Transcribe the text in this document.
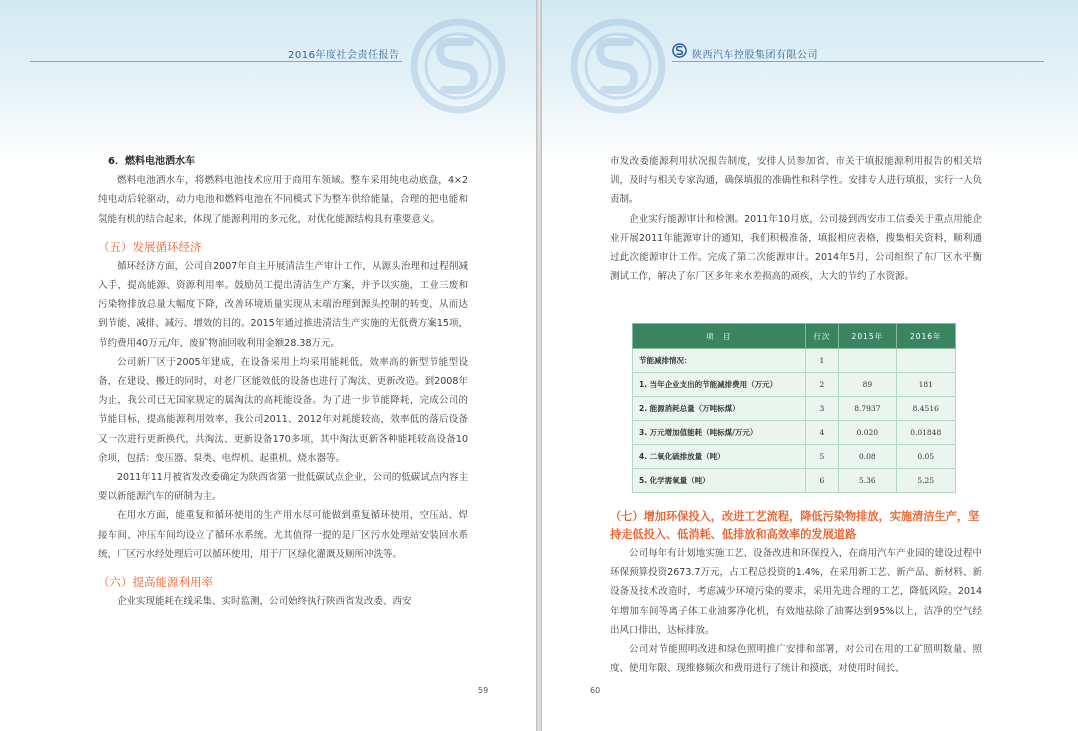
2016年度社会责任报告
6．燃料电池洒水车

燃料电池洒水车，将燃料电池技术应用于商用车领域。整车采用纯电动底盘，4×2纯电动后轮驱动，动力电池和燃料电池在不同模式下为整车供给能量，合理的把电能和氢能有机的结合起来，体现了能源利用的多元化，对优化能源结构具有重要意义。

（五）发展循环经济

循环经济方面，公司自2007年自主开展清洁生产审计工作，从源头治理和过程削减入手，提高能源、资源利用率。鼓励员工提出清洁生产方案，并予以实施，工业三废和污染物排放总量大幅度下降，改善环境质量实现从末端治理到源头控制的转变，从而达到节能、减排、减污、增效的目的。2015年通过推进清洁生产实施的无低费方案15项，节约费用40万元/年，废矿物油回收利用金额28.38万元。

公司新厂区于2005年建成，在设备采用上均采用能耗低，效率高的新型节能型设备，在建设、搬迁的同时，对老厂区能效低的设备也进行了淘汰、更新改造。到2008年为止，我公司已无国家规定的属淘汰的高耗能设备。为了进一步节能降耗，完成公司的节能目标，提高能源利用效率，我公司2011、2012年对耗能较高，效率低的落后设备又一次进行更新换代，共淘汰、更新设备170多项，其中淘汰更新各种能耗较高设备10余项，包括：变压器、泵类、电焊机、起重机、烧水器等。

2011年11月被省发改委确定为陕西省第一批低碳试点企业，公司的低碳试点内容主要以新能源汽车的研制为主。

在用水方面，能重复和循环使用的生产用水尽可能做到重复循环使用，空压站、焊接车间、冲压车间均设立了循环水系统。尤其值得一提的是厂区污水处理站安装回水系统，厂区污水经处理后可以循环使用，用于厂区绿化灌溉及厕所冲洗等。

（六）提高能源利用率

企业实现能耗在线采集、实时监测，公司始终执行陕西省发改委、西安

59
陕西汽车控股集团有限公司

市发改委能源利用状况报告制度，安排人员参加省、市关于填报能源利用报告的相关培训，及时与相关专家沟通，确保填报的准确性和科学性。安排专人进行填报，实行一人负责制。

企业实行能源审计和检测。2011年10月底，公司接到西安市工信委关于重点用能企业开展2011年能源审计的通知，我们积极准备，填报相应表格，搜集相关资料，顺利通过此次能源审计工作。完成了第二次能源审计。2014年5月，公司组织了东厂区水平衡测试工作，解决了东厂区多年来水差损高的顽疾，大大的节约了水资源。

项　目	行次	2015年	2016年
节能减排情况：	1		
1. 当年企业支出的节能减排费用（万元）	2	89	181
2. 能源消耗总量（万吨标煤）	3	8.7937	8.4516
3. 万元增加值能耗（吨标煤/万元）	4	0.020	0.01848
4. 二氧化硫排放量（吨）	5	0.08	0.05
5. 化学需氧量（吨）	6	5.36	5.25
（七）增加环保投入，改进工艺流程，降低污染物排放，实施清洁生产，坚持走低投入、低消耗、低排放和高效率的发展道路

公司每年有计划地实施工艺、设备改进和环保投入，在商用汽车产业园的建设过程中环保预算投资2673.7万元，占工程总投资的1.4%，在采用新工艺、新产品、新材料、新设备及技术改造时，考虑减少环境污染的要求，采用先进合理的工艺，降低风险。2014年增加车间等离子体工业油雾净化机，有效地祛除了油雾达到95%以上，洁净的空气经出风口排出，达标排放。

公司对节能照明改进和绿色照明推广安排和部署，对公司在用的工矿照明数量、照度、使用年限、现维修频次和费用进行了统计和摸底，对使用时间长、

60
